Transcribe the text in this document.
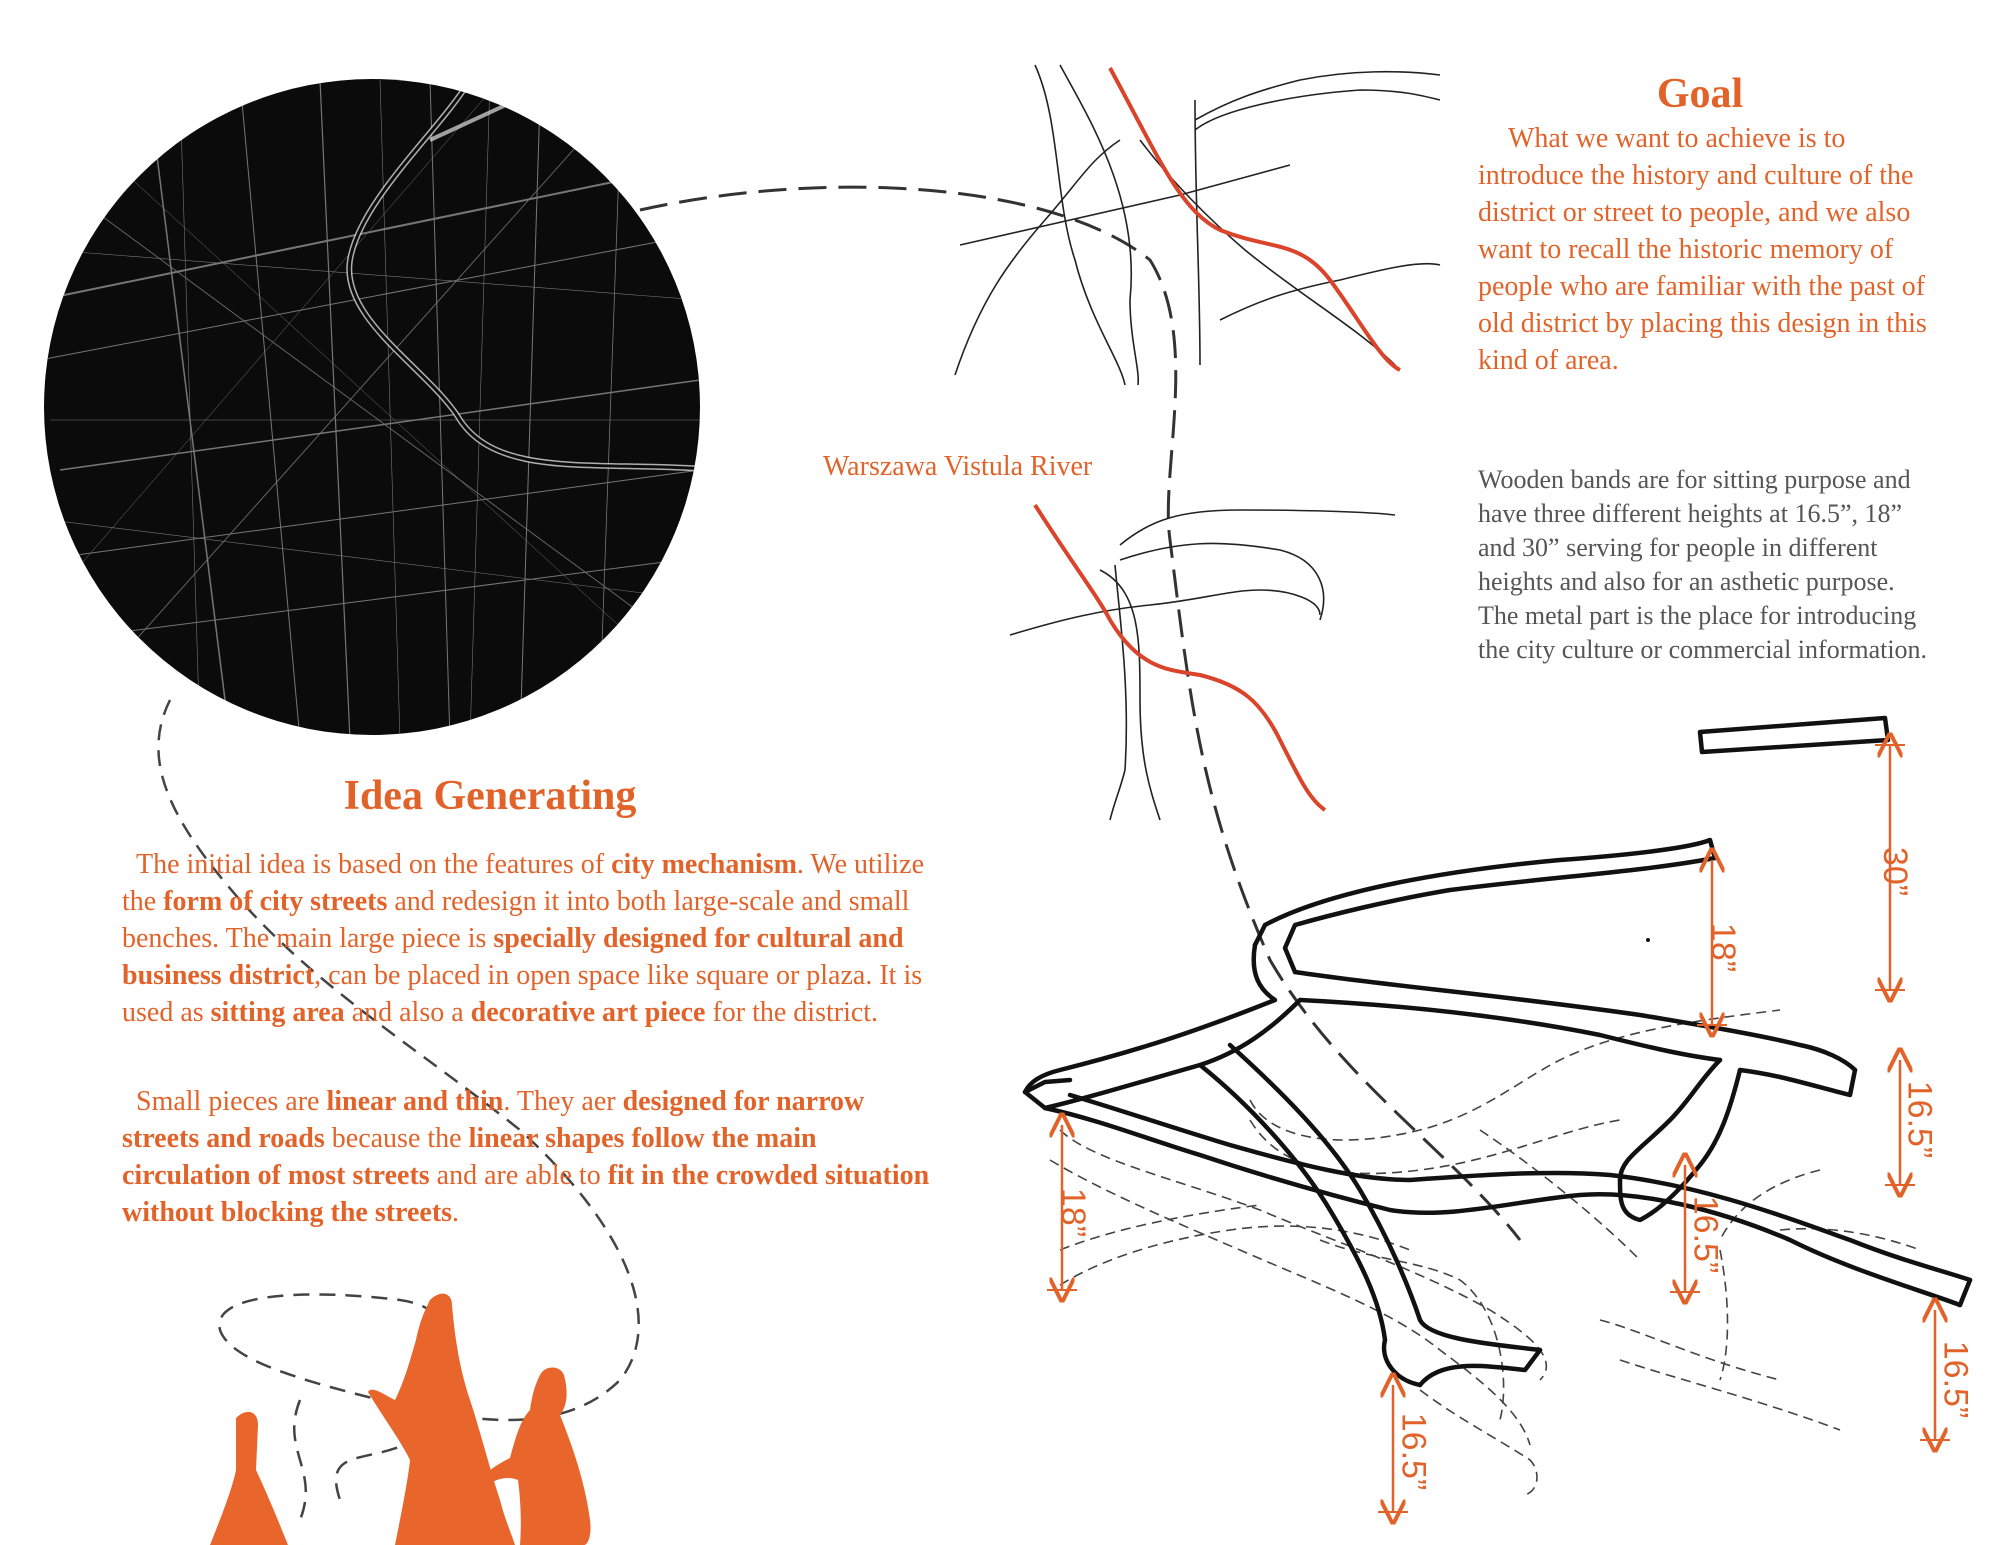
Goal
What we want to achieve is to introduce the history and culture of the district or street to people, and we also want to recall the historic memory of people who are familiar with the past of old district by placing this design in this kind of area.
Wooden bands are for sitting purpose and have three different heights at 16.5”, 18” and 30” serving for people in different heights and also for an asthetic purpose. The metal part is the place for introducing the city culture or commercial information.
Warszawa Vistula River
Idea Generating
The initial idea is based on the features of city mechanism. We utilize the form of city streets and redesign it into both large-scale and small benches. The main large piece is specially designed for cultural and business district, can be placed in open space like square or plaza. It is used as sitting area and also a decorative art piece for the district.
Small pieces are linear and thin. They aer designed for narrow streets and roads because the linear shapes follow the main circulation of most streets and are able to fit in the crowded situation without blocking the streets.
30”
18”
16.5”
16.5”
16.5”
18”
16.5”
